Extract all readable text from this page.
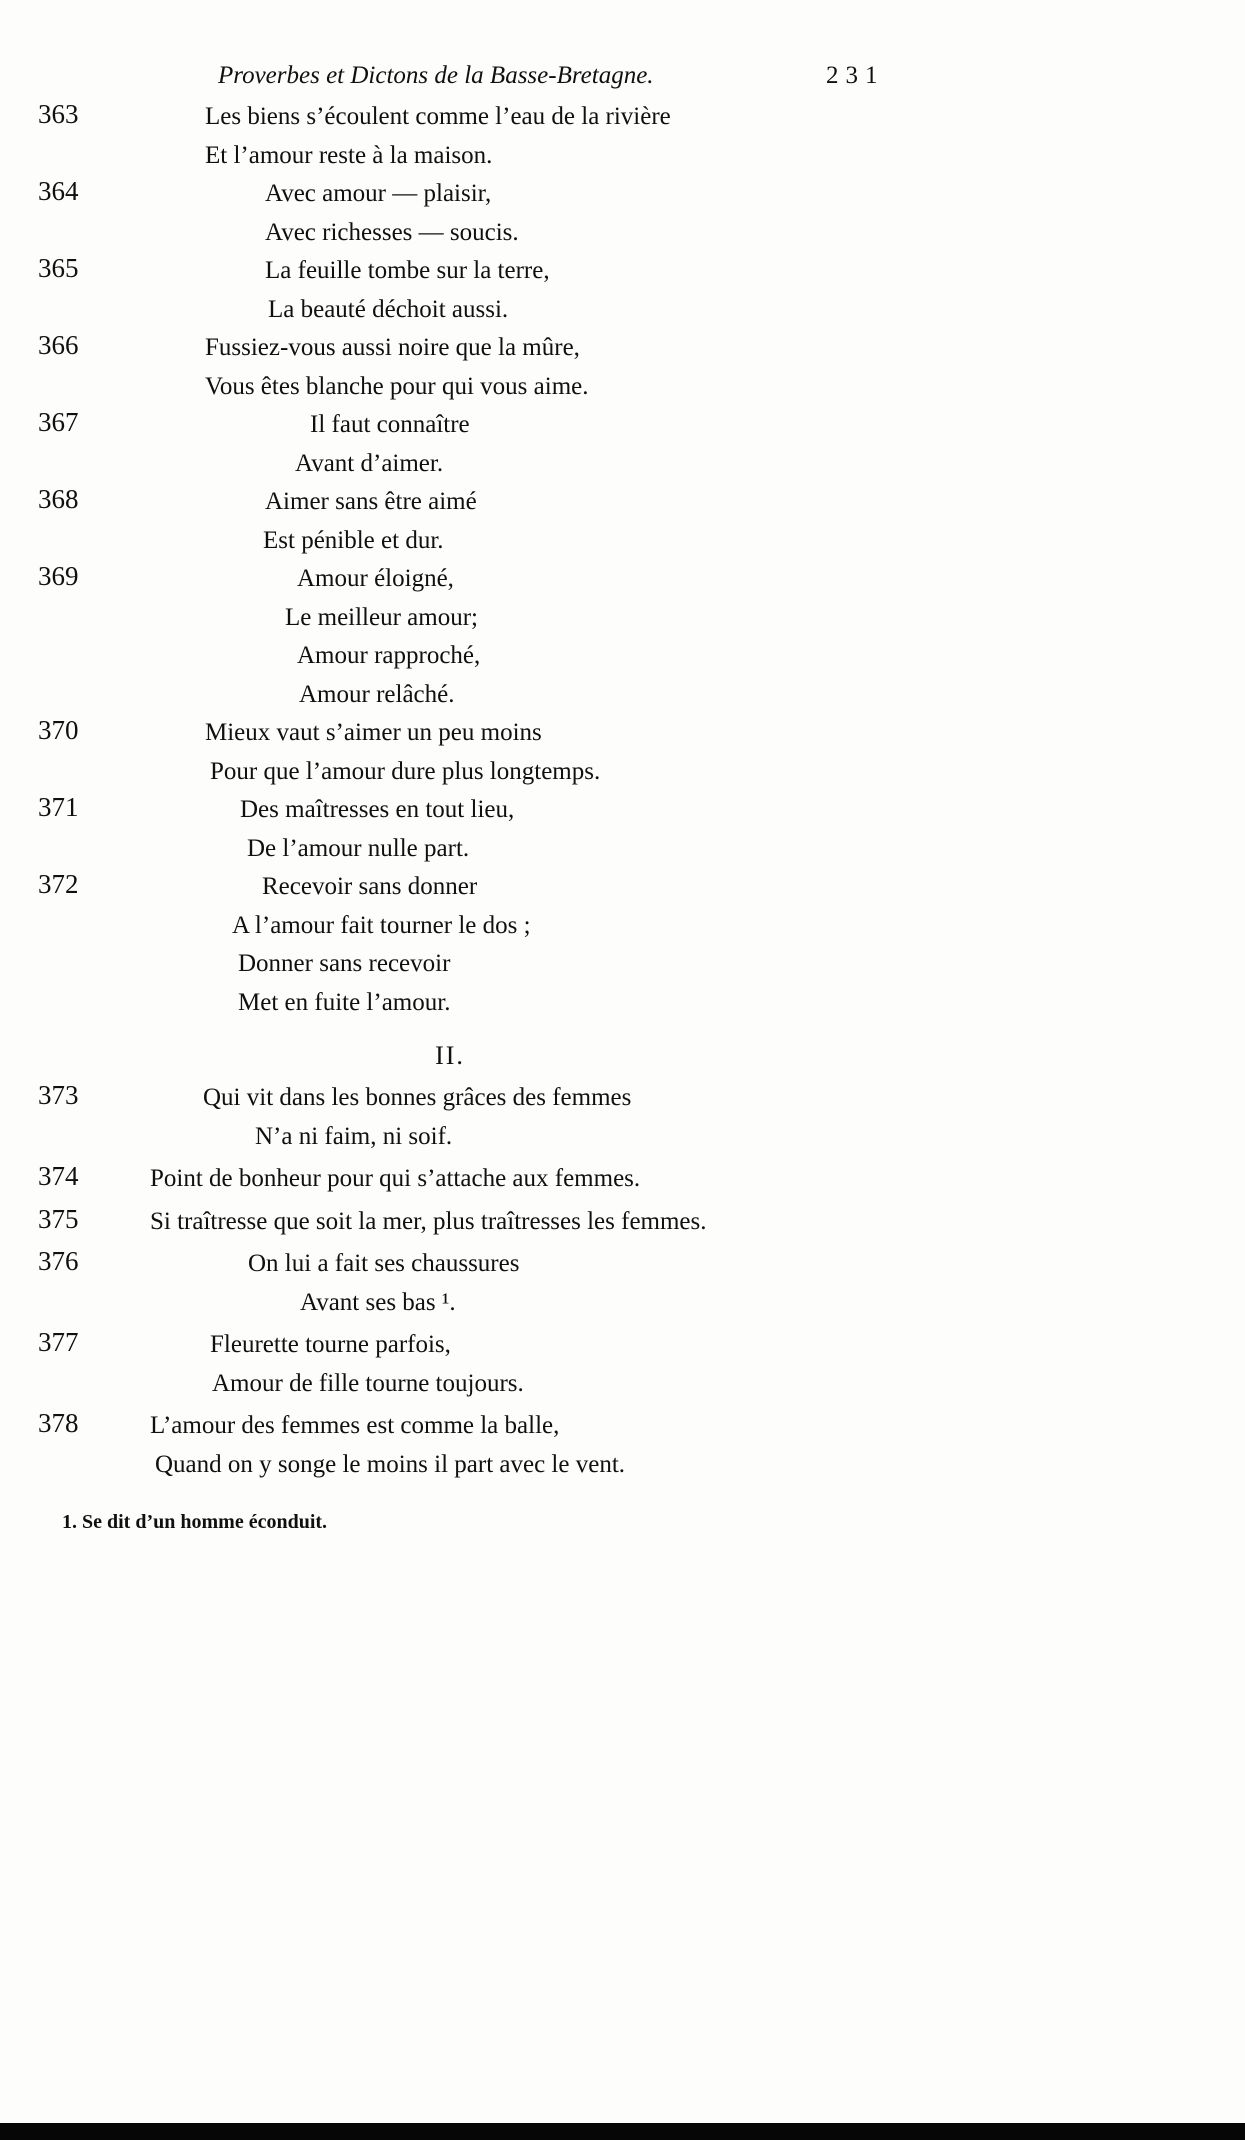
Proverbes et Dictons de la Basse-Bretagne.	231
363	Les biens s’écoulent comme l’eau de la rivière
Et l’amour reste à la maison.
364	Avec amour — plaisir,
Avec richesses — soucis.
365	La feuille tombe sur la terre,
La beauté déchoit aussi.
366	Fussiez-vous aussi noire que la mûre,
Vous êtes blanche pour qui vous aime.
367	Il faut connaître
Avant d’aimer.
368	Aimer sans être aimé
Est pénible et dur.
369	Amour éloigné,
Le meilleur amour;
Amour rapproché,
Amour relâché.
370	Mieux vaut s’aimer un peu moins
Pour que l’amour dure plus longtemps.
371	Des maîtresses en tout lieu,
De l’amour nulle part.
372	Recevoir sans donner
A l’amour fait tourner le dos ;
Donner sans recevoir
Met en fuite l’amour.
II.
373	Qui vit dans les bonnes grâces des femmes
N’a ni faim, ni soif.
374	Point de bonheur pour qui s’attache aux femmes.
375	Si traîtresse que soit la mer, plus traîtresses les femmes.
376	On lui a fait ses chaussures
Avant ses bas ¹.
377	Fleurette tourne parfois,
Amour de fille tourne toujours.
378	L’amour des femmes est comme la balle,
Quand on y songe le moins il part avec le vent.
1. Se dit d’un homme éconduit.
